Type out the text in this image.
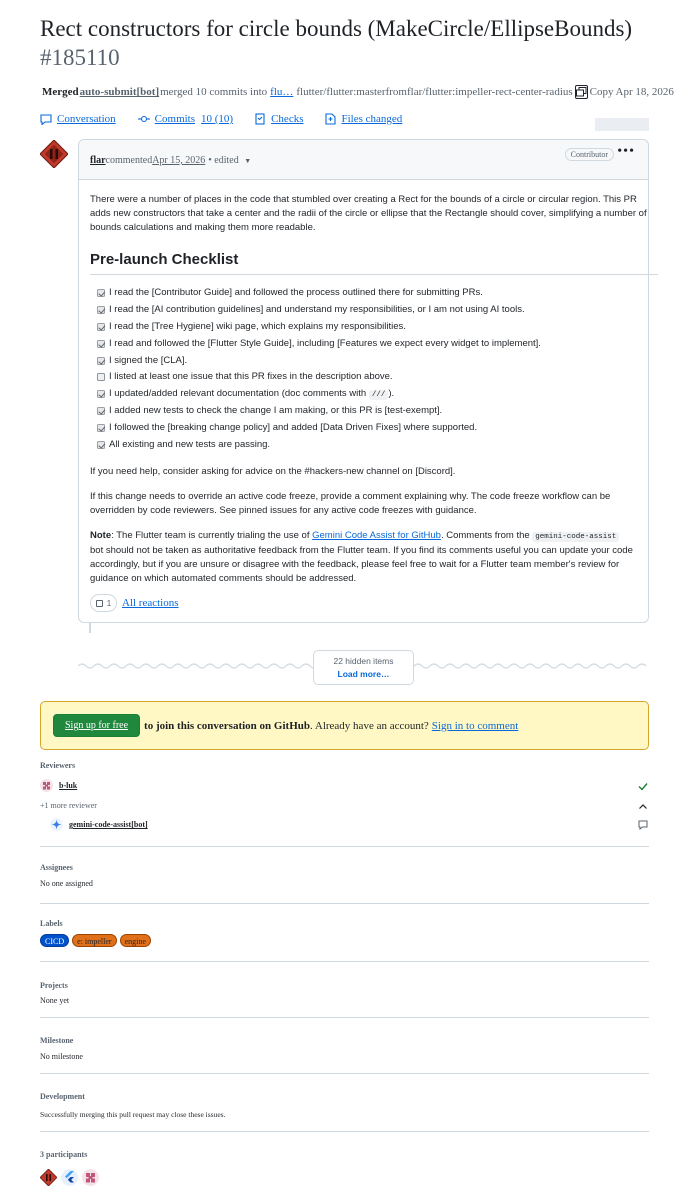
Rect constructors for circle bounds (MakeCircle/EllipseBounds) #185110
Merged auto-submit[bot] merged 10 commits into flu… flutter/flutter:master from flar/flutter:impeller-rect-center-radius Copy Apr 18, 2026
Conversation	Commits 10 (10)	Checks	Files changed
flar commented Apr 15, 2026 • edited ▼
Contributor •••

There were a number of places in the code that stumbled over creating a Rect for the bounds of a circle or circular region. This PR adds new constructors that take a center and the radii of the circle or ellipse that the Rectangle should cover, simplifying a number of bounds calculations and making them more readable.

Pre-launch Checklist
I read the [Contributor Guide] and followed the process outlined there for submitting PRs.
I read the [AI contribution guidelines] and understand my responsibilities, or I am not using AI tools.
I read the [Tree Hygiene] wiki page, which explains my responsibilities.
I read and followed the [Flutter Style Guide], including [Features we expect every widget to implement].
I signed the [CLA].
I listed at least one issue that this PR fixes in the description above.
I updated/added relevant documentation (doc comments with /// ).
I added new tests to check the change I am making, or this PR is [test-exempt].
I followed the [breaking change policy] and added [Data Driven Fixes] where supported.
All existing and new tests are passing.

If you need help, consider asking for advice on the #hackers-new channel on [Discord].

If this change needs to override an active code freeze, provide a comment explaining why. The code freeze workflow can be overridden by code reviewers. See pinned issues for any active code freezes with guidance.

Note: The Flutter team is currently trialing the use of Gemini Code Assist for GitHub. Comments from the gemini-code-assist bot should not be taken as authoritative feedback from the Flutter team. If you find its comments useful you can update your code accordingly, but if you are unsure or disagree with the feedback, please feel free to wait for a Flutter team member's review for guidance on which automated comments should be addressed.

1 All reactions
22 hidden items
Load more…
Sign up for free	to join this conversation on GitHub . Already have an account? Sign in to comment
Reviewers
b-luk
+1 more reviewer
gemini-code-assist[bot]
Assignees
No one assigned
Labels
CICD	e: impeller	engine
Projects
None yet
Milestone
No milestone
Development
Successfully merging this pull request may close these issues.
3 participants
